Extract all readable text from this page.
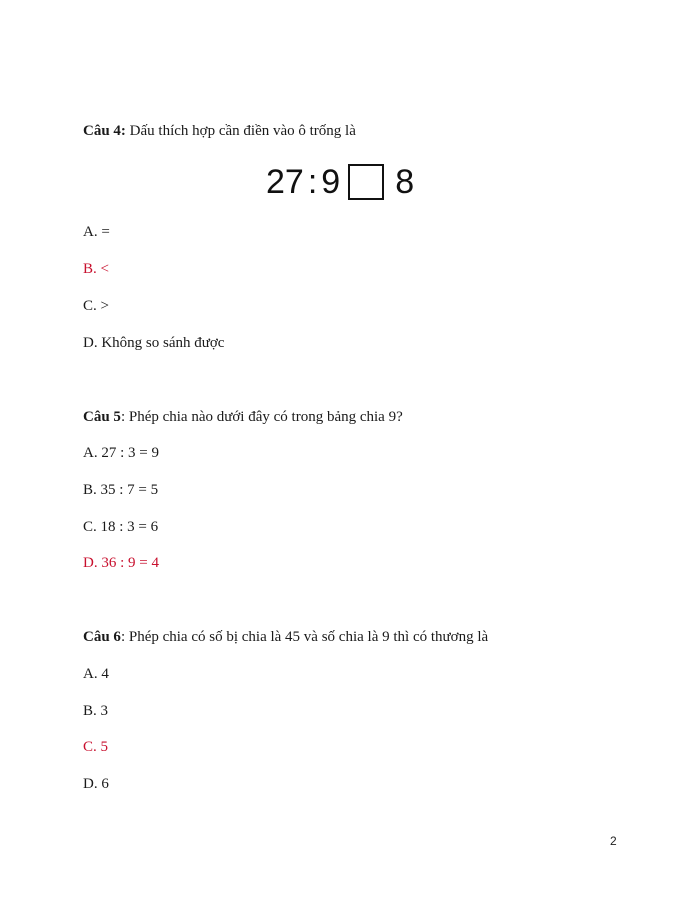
Câu 4: Dấu thích hợp cần điền vào ô trống là
27 : 9 8
A. =
B. <
C. >
D. Không so sánh được
Câu 5: Phép chia nào dưới đây có trong bảng chia 9?
A. 27 : 3 = 9
B. 35 : 7 = 5
C. 18 : 3 = 6
D. 36 : 9 = 4
Câu 6: Phép chia có số bị chia là 45 và số chia là 9 thì có thương là
A. 4
B. 3
C. 5
D. 6
2
